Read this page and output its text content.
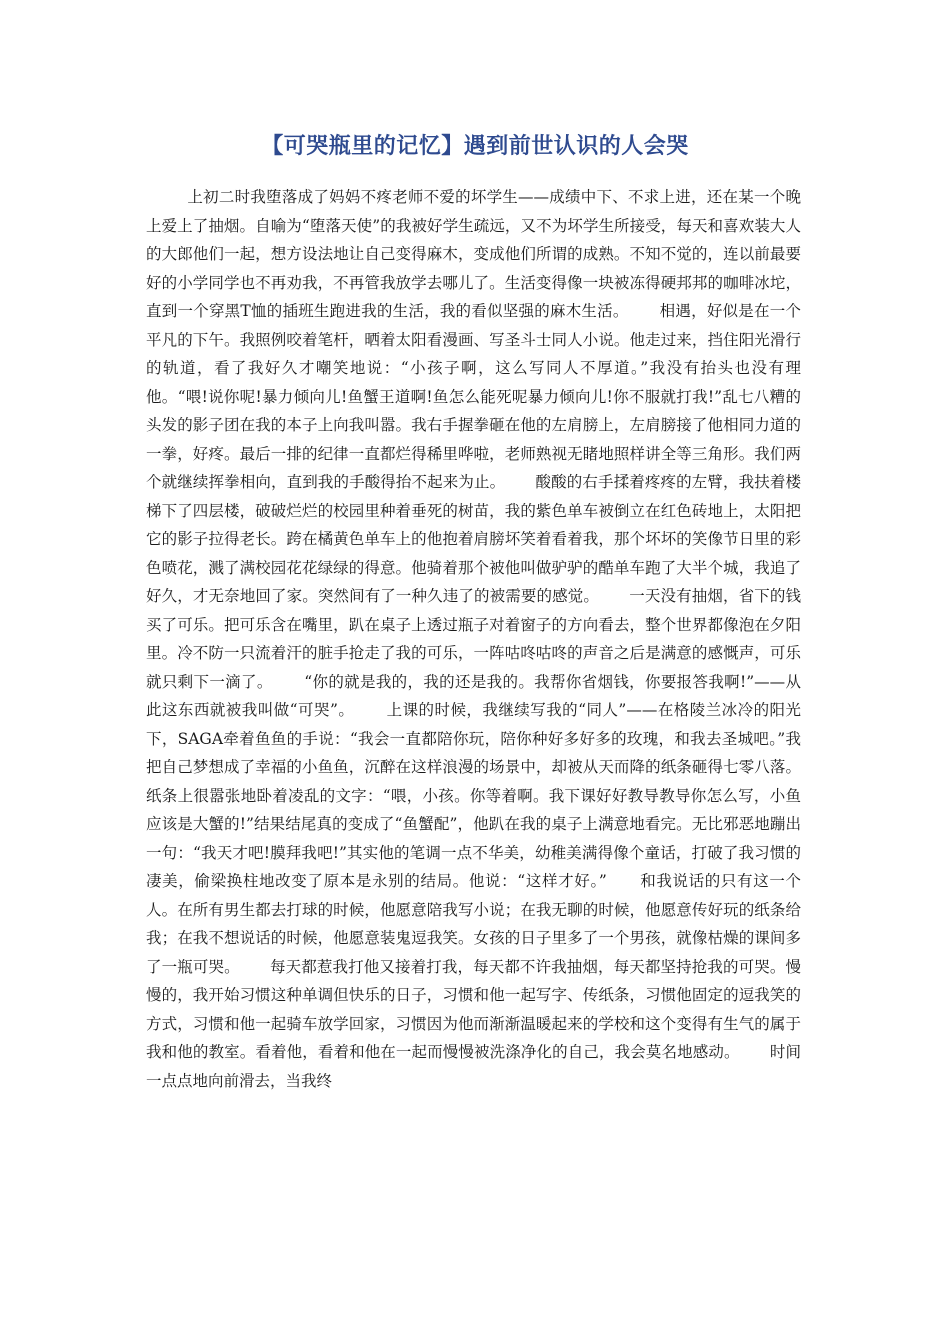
【可哭瓶里的记忆】遇到前世认识的人会哭

上初二时我堕落成了妈妈不疼老师不爱的坏学生——成绩中下、不求上进，还在某一个晚上爱上了抽烟。自喻为“堕落天使”的我被好学生疏远，又不为坏学生所接受，每天和喜欢装大人的大郎他们一起，想方设法地让自己变得麻木，变成他们所谓的成熟。不知不觉的，连以前最要好的小学同学也不再劝我，不再管我放学去哪儿了。生活变得像一块被冻得硬邦邦的咖啡冰坨，直到一个穿黑T恤的插班生跑进我的生活，我的看似坚强的麻木生活。      相遇，好似是在一个平凡的下午。我照例咬着笔杆，晒着太阳看漫画、写圣斗士同人小说。他走过来，挡住阳光滑行的轨道，看了我好久才嘲笑地说：“小孩子啊，这么写同人不厚道。”我没有抬头也没有理他。“喂!说你呢!暴力倾向儿!鱼蟹王道啊!鱼怎么能死呢暴力倾向儿!你不服就打我!”乱七八糟的头发的影子团在我的本子上向我叫嚣。我右手握拳砸在他的左肩膀上，左肩膀接了他相同力道的一拳，好疼。最后一排的纪律一直都烂得稀里哗啦，老师熟视无睹地照样讲全等三角形。我们两个就继续挥拳相向，直到我的手酸得抬不起来为止。      酸酸的右手揉着疼疼的左臂，我扶着楼梯下了四层楼，破破烂烂的校园里种着垂死的树苗，我的紫色单车被倒立在红色砖地上，太阳把它的影子拉得老长。跨在橘黄色单车上的他抱着肩膀坏笑着看着我，那个坏坏的笑像节日里的彩色喷花，溅了满校园花花绿绿的得意。他骑着那个被他叫做驴驴的酷单车跑了大半个城，我追了好久，才无奈地回了家。突然间有了一种久违了的被需要的感觉。      一天没有抽烟，省下的钱买了可乐。把可乐含在嘴里，趴在桌子上透过瓶子对着窗子的方向看去，整个世界都像泡在夕阳里。冷不防一只流着汗的脏手抢走了我的可乐，一阵咕咚咕咚的声音之后是满意的感慨声，可乐就只剩下一滴了。      “你的就是我的，我的还是我的。我帮你省烟钱，你要报答我啊!”——从此这东西就被我叫做“可哭”。      上课的时候，我继续写我的“同人”——在格陵兰冰冷的阳光下，SAGA牵着鱼鱼的手说：“我会一直都陪你玩，陪你种好多好多的玫瑰，和我去圣城吧。”我把自己梦想成了幸福的小鱼鱼，沉醉在这样浪漫的场景中，却被从天而降的纸条砸得七零八落。纸条上很嚣张地卧着凌乱的文字：“喂，小孩。你等着啊。我下课好好教导教导你怎么写，小鱼应该是大蟹的!”结果结尾真的变成了“鱼蟹配”，他趴在我的桌子上满意地看完。无比邪恶地蹦出一句：“我天才吧!膜拜我吧!”其实他的笔调一点不华美，幼稚美满得像个童话，打破了我习惯的凄美，偷梁换柱地改变了原本是永别的结局。他说：“这样才好。”      和我说话的只有这一个人。在所有男生都去打球的时候，他愿意陪我写小说；在我无聊的时候，他愿意传好玩的纸条给我；在我不想说话的时候，他愿意装鬼逗我笑。女孩的日子里多了一个男孩，就像枯燥的课间多了一瓶可哭。      每天都惹我打他又接着打我，每天都不许我抽烟，每天都坚持抢我的可哭。慢慢的，我开始习惯这种单调但快乐的日子，习惯和他一起写字、传纸条，习惯他固定的逗我笑的方式，习惯和他一起骑车放学回家，习惯因为他而渐渐温暖起来的学校和这个变得有生气的属于我和他的教室。看着他，看着和他在一起而慢慢被洗涤净化的自己，我会莫名地感动。      时间一点点地向前滑去，当我终
